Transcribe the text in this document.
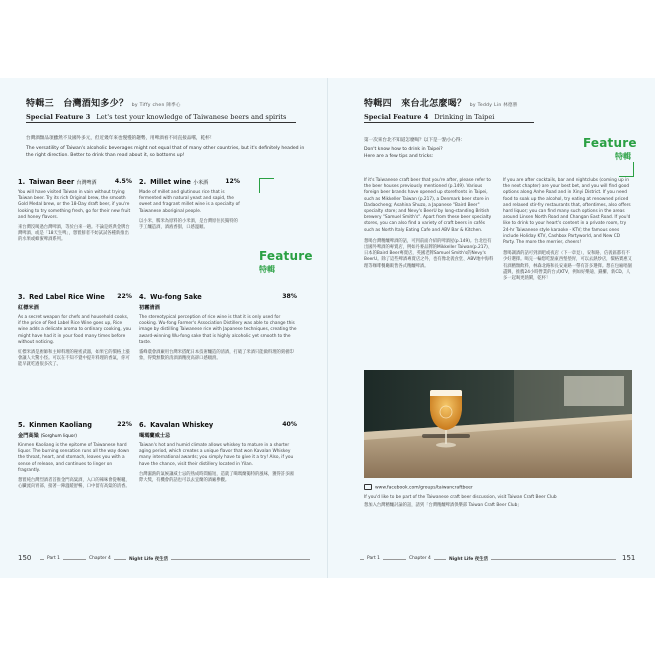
特輯三　台灣酒知多少？ by Tiffy chen 陳季心
Special Feature 3 Let's test your knowledge of Taiwanese beers and spirits
台灣酒類品項雖然不及國外多元，但近幾年來也慢慢的趨勢，用啤酒看不同直接品嚐，乾杯！
The versatility of Taiwan's alcoholic beverages might not equal that of many other countries, but it's definitely headed in the right direction. Better to drink than read about it, so bottoms up!
1. Taiwan Beer 台灣啤酒	4.5%

You will have visited Taiwan in vain without trying Taiwan beer. Try its rich Original brew, the smooth Gold Medal brew, or the 18-Day draft beer, if you're looking to try something fresh, go for their new fruit and honey flavors.

來台灣沒喝過台灣啤酒，等於白來一趟。不論是經典金牌台灣啤酒、或是「18天生啤」，想嘗鮮者不妨試試各種新推出的水果或蜂蜜啤酒系列。

2. Millet wine 小米酒	12%

Made of millet and glutinous rice that is fermented with natural yeast and sapid, the sweet and fragrant millet wine is a specialty of Taiwanese aboriginal people.

以小米、糯米為原料的小米酒，是台灣原住民獨特的手工釀造酒，酒液香甜，口感溫順。

Feature
特輯
3. Red Label Rice Wine 22%
紅標米酒

As a secret weapon for chefs and household cooks, if the price of Red Label Rice Wine goes up, Rice wine adds a delicate aroma to ordinary cooking, you might have had it in your food many times before without noticing.

紅標米酒是廚師和主婦料理的秘密武器，如果它的價格上漲會讓人大驚小怪。可以在不知不覺中提升料理的香氣，你可能早就吃過很多次了。

4. Wu-fong Sake	38%
初霧清酒

The stereotypical perception of rice wine is that it is only used for cooking. Wu-fong Farmer's Association Distillery was able to change this image by distilling Taiwanese rice with Japanese techniques, creating the award-winning Wu-fong sake that is highly alcoholic yet smooth to the taste.

霧峰農會酒廠用台灣米搭配日本技術釀造的清酒，打破了米酒只能做料理的刻板印象，得獎無數的清酒酒精度高卻口感順滑。

5. Kinmen Kaoliang	22%
金門高粱 (Sorghum liquor)

Kinmen Kaoliang is the epitome of Taiwanese hard liquor. The burning sensation runs all the way down the throat, heart, and stomach, leaves you with a sense of release, and continues to linger on fragrantly.

想嘗純台灣烈酒者首推金門高粱酒，入口的辣味會從喉嚨、心臟流向胃部，接著一陣溫暖舒暢，口中留有高粱的清香。

6. Kavalan Whiskey	40%
噶瑪蘭威士忌

Taiwan's hot and humid climate allows whiskey to mature in a shorter aging period, which creates a unique flavor that won Kavalan Whiskey many international awards; you simply have to give it a try! Also, if you have the chance, visit their distillery located in Yilan.

台灣濕熱的氣候讓威士忌的熟成時間縮短，造就了噶瑪蘭獨特的風味，獲得許多國際大獎，有機會的話也可以去宜蘭的酒廠參觀。

150	Part 1	Chapter 4	Night Life 夜生活
特輯四　來台北怎麼喝？ by Teddy Lin 林德勝
Special Feature 4 Drinking in Taipei
第一次來台北不知道怎麼喝？以下是一點小心得：
Don't know how to drink in Taipei?
Here are a few tips and tricks:
Feature
特輯

If it's Taiwanese craft beer that you're after, please refer to the beer houses previously mentioned (p.149). Various foreign beer brands have opened up storefronts in Taipei, such as Mikkeller Taiwan (p.217), a Denmark beer store in Dadaocheng; Asahina Shuzo, a Japanese "Baird Beer" specialty store; and Nevy's BeerU by long-standing British brewery "Samuel Smith's". Apart from these beer specialty stores, you can also find a variety of craft beers in cafés such as North Italy Eating Cafe and ABV Bar & Kitchen.

想喝台灣精釀啤酒的話，可到前面介紹的啤酒屋(p.149)。台北也有出國外啤酒的專賣店，例如丹麥品牌的Mikkeller Taiwan(p.217)、日本的Baird Beer專賣店，英國老牌Samuel Smith's的Nevy's BeerU。除了這些啤酒專賣店之外，也有像北義食堂、ABV地中海料理等咖啡餐廳販售各式精釀啤酒。

If you are after cocktails, bar and nightclubs (coming up in the next chapter) are your best bet, and you will find good options along Anhe Road and in Xinyi District. If you need food to soak up the alcohol, try eating at renowned priced and relaxed stir-fry restaurants that, oftentimes, also offers hard liquor; you can find many such options in the areas around Linsen North Road and Changan East Road. If you'd like to drink to your heart's content in a private room, try 24-hr Taiwanese style karaoke - KTV; the famous ones include Holiday KTV, Cashbox Partyworld, and New CD Party. The more the merrier, cheers!

想喝調酒的話可到酒吧或夜店（下一章見），安和路、信義區都有不少好選擇。喝完一輪想吃點東西墊墊胃，可以去熱炒店，價格實惠又有酒精類飲料，林森北路和長安東路一帶有許多選擇。想在包廂唱個盡興，推薦24小時營業的台式KTV，例如好樂迪、錢櫃、新CD。人多一起喝更熱鬧，乾杯！

www.facebook.com/groups/taiwancraftbeer

If you'd like to be part of the Taiwanese craft beer discussion, visit Taiwan Craft Beer Club

想加入台灣精釀討論的話，請到「台灣精釀啤酒俱樂部 Taiwan Craft Beer Club」

Part 1	Chapter 4	Night Life 夜生活	151
